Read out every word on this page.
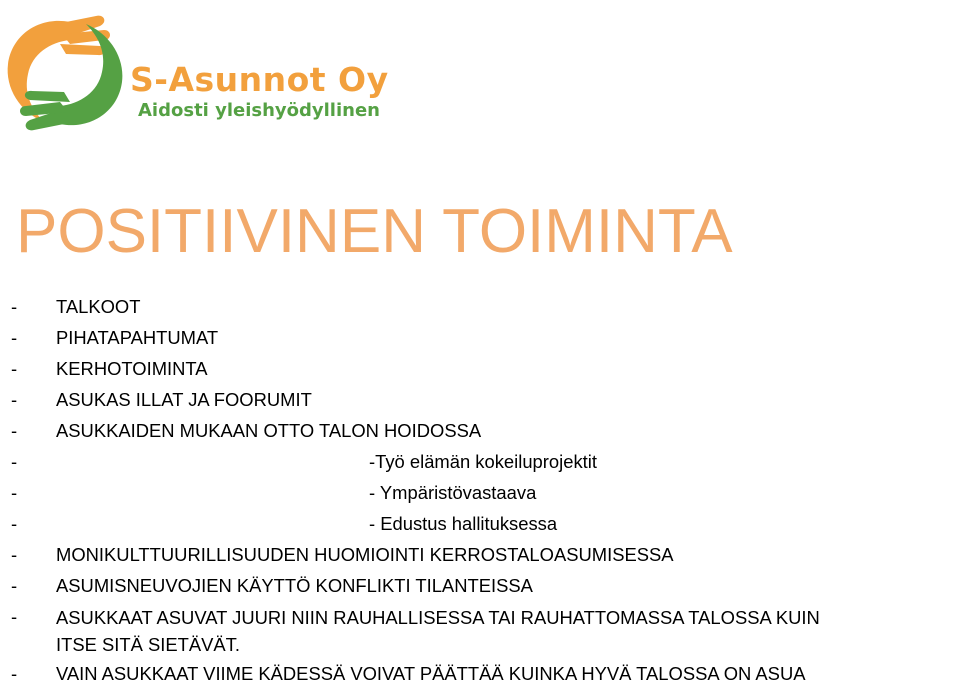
S-Asunnot Oy
Aidosti yleishyödyllinen
POSITIIVINEN TOIMINTA
- TALKOOT
- PIHATAPAHTUMAT
- KERHOTOIMINTA
- ASUKAS ILLAT JA FOORUMIT
- ASUKKAIDEN MUKAAN OTTO TALON HOIDOSSA
-	-Työ elämän kokeiluprojektit
-	- Ympäristövastaava
-	- Edustus hallituksessa
- MONIKULTTUURILLISUUDEN HUOMIOINTI KERROSTALOASUMISESSA
- ASUMISNEUVOJIEN KÄYTTÖ KONFLIKTI TILANTEISSA
- ASUKKAAT ASUVAT JUURI NIIN RAUHALLISESSA TAI RAUHATTOMASSA TALOSSA KUIN
ITSE SITÄ SIETÄVÄT.
- VAIN ASUKKAAT VIIME KÄDESSÄ VOIVAT PÄÄTTÄÄ KUINKA HYVÄ TALOSSA ON ASUA
